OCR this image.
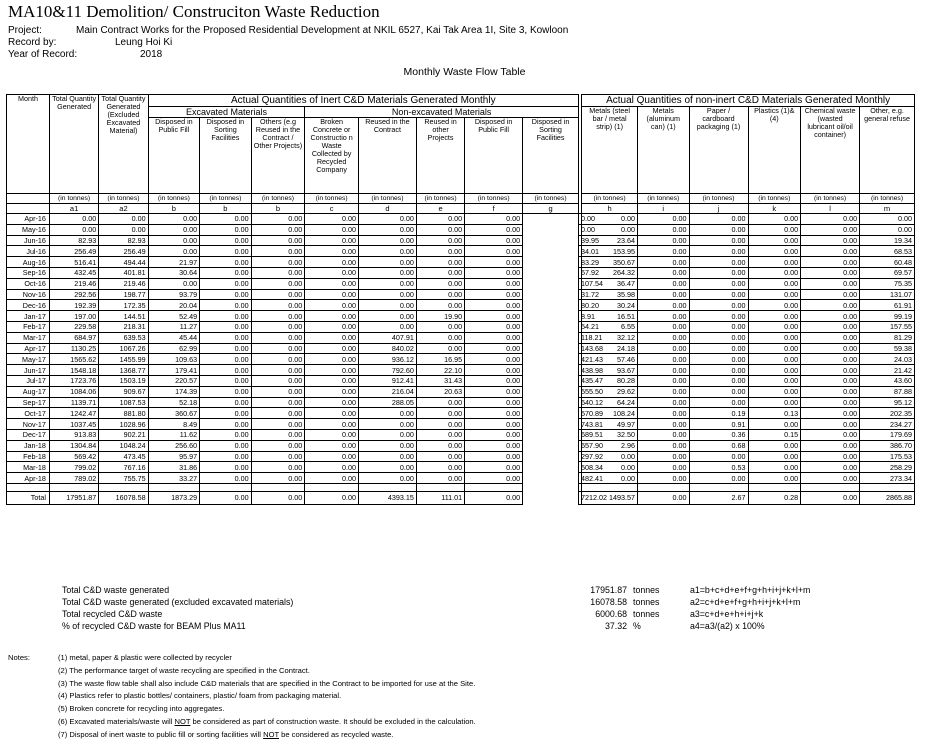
MA10&11 Demolition/ Construciton Waste Reduction
Project:	Main Contract Works for the Proposed Residential Development at NKIL 6527, Kai Tak Area 1I, Site 3, Kowloon
Record by:	Leung Hoi Ki
Year of Record:	2018
Monthly Waste Flow Table
Month	Total Quantity Generated	Total Quantity Generated (Excluded Excavated Material)	Actual Quantities of Inert C&D Materials Generated Monthly									Actual Quantities of non-inert C&D Materials Generated Monthly					
			Excavated Materials			Non-excavated Materials						Metals (steel bar / metal strip) (1)	Metals (aluminum can) (1)	Paper / cardboard packaging (1)	Plastics (1)&(4)	Chemical waste (wasted lubricant oil/oil container)	Other, e.g. general refuse
			Disposed in Public Fill	Disposed in Sorting Facilities	Others (e.g Reused in the Contract / Other Projects)	Broken Concrete or Constructio n Waste Collected by Recycled Company	Reused in the Contract	Reused in other Projects	Disposed in Public Fill	Disposed in Sorting Facilities							
	(in tonnes)	(in tonnes)	(in tonnes)	(in tonnes)	(in tonnes)	(in tonnes)	(in tonnes)	(in tonnes)	(in tonnes)	(in tonnes)		(in tonnes)	(in tonnes)	(in tonnes)	(in tonnes)	(in tonnes)	(in tonnes)
	a1	a2	b	b	b	c	d	e	f	g		h	i	j	k	l	m
Apr-16	0.00	0.00	0.00	0.00	0.00	0.00	0.00	0.00	0.00		0.00	0.00	0.00	0.00	0.00	0.00	0.00
May-16	0.00	0.00	0.00	0.00	0.00	0.00	0.00	0.00	0.00		0.00	0.00	0.00	0.00	0.00	0.00	0.00
Jun-16	82.93	82.93	0.00	0.00	0.00	0.00	0.00	0.00	0.00		39.95	23.64	0.00	0.00	0.00	0.00	19.34
Jul-16	256.49	256.49	0.00	0.00	0.00	0.00	0.00	0.00	0.00		34.01	153.95	0.00	0.00	0.00	0.00	68.53
Aug-16	516.41	494.44	21.97	0.00	0.00	0.00	0.00	0.00	0.00		83.29	350.67	0.00	0.00	0.00	0.00	60.48
Sep-16	432.45	401.81	30.64	0.00	0.00	0.00	0.00	0.00	0.00		67.92	264.32	0.00	0.00	0.00	0.00	69.57
Oct-16	219.46	219.46	0.00	0.00	0.00	0.00	0.00	0.00	0.00		107.54	36.47	0.00	0.00	0.00	0.00	75.35
Nov-16	292.56	198.77	93.79	0.00	0.00	0.00	0.00	0.00	0.00		31.72	35.98	0.00	0.00	0.00	0.00	131.07
Dec-16	192.39	172.35	20.04	0.00	0.00	0.00	0.00	0.00	0.00		80.20	30.24	0.00	0.00	0.00	0.00	61.91
Jan-17	197.00	144.51	52.49	0.00	0.00	0.00	0.00	19.90	0.00		8.91	16.51	0.00	0.00	0.00	0.00	99.19
Feb-17	229.58	218.31	11.27	0.00	0.00	0.00	0.00	0.00	0.00		54.21	6.55	0.00	0.00	0.00	0.00	157.55
Mar-17	684.97	639.53	45.44	0.00	0.00	0.00	407.91	0.00	0.00		118.21	32.12	0.00	0.00	0.00	0.00	81.29
Apr-17	1130.25	1067.26	62.99	0.00	0.00	0.00	840.02	0.00	0.00		143.68	24.18	0.00	0.00	0.00	0.00	59.38
May-17	1565.62	1455.99	109.63	0.00	0.00	0.00	936.12	16.95	0.00		421.43	57.46	0.00	0.00	0.00	0.00	24.03
Jun-17	1548.18	1368.77	179.41	0.00	0.00	0.00	792.60	22.10	0.00		438.98	93.67	0.00	0.00	0.00	0.00	21.42
Jul-17	1723.76	1503.19	220.57	0.00	0.00	0.00	912.41	31.43	0.00		435.47	80.28	0.00	0.00	0.00	0.00	43.60
Aug-17	1084.06	909.67	174.39	0.00	0.00	0.00	216.04	20.63	0.00		555.50	29.62	0.00	0.00	0.00	0.00	87.88
Sep-17	1139.71	1087.53	52.18	0.00	0.00	0.00	288.05	0.00	0.00		640.12	64.24	0.00	0.00	0.00	0.00	95.12
Oct-17	1242.47	881.80	360.67	0.00	0.00	0.00	0.00	0.00	0.00		570.89	108.24	0.00	0.19	0.13	0.00	202.35
Nov-17	1037.45	1028.96	8.49	0.00	0.00	0.00	0.00	0.00	0.00		743.81	49.97	0.00	0.91	0.00	0.00	234.27
Dec-17	913.83	902.21	11.62	0.00	0.00	0.00	0.00	0.00	0.00		689.51	32.50	0.00	0.36	0.15	0.00	179.69
Jan-18	1304.84	1048.24	256.60	0.00	0.00	0.00	0.00	0.00	0.00		657.90	2.96	0.00	0.68	0.00	0.00	386.70
Feb-18	569.42	473.45	95.97	0.00	0.00	0.00	0.00	0.00	0.00		297.92	0.00	0.00	0.00	0.00	0.00	175.53
Mar-18	799.02	767.16	31.86	0.00	0.00	0.00	0.00	0.00	0.00		508.34	0.00	0.00	0.53	0.00	0.00	258.29
Apr-18	789.02	755.75	33.27	0.00	0.00	0.00	0.00	0.00	0.00		482.41	0.00	0.00	0.00	0.00	0.00	273.34

Total	17951.87	16078.58	1873.29	0.00	0.00	0.00	4393.15	111.01	0.00		7212.02	1493.57	0.00	2.67	0.28	0.00	2865.88
Total C&D waste generated	17951.87 tonnes	a1=b+c+d+e+f+g+h+i+j+k+l+m
Total C&D waste generated (excluded excavated materials)	16078.58 tonnes	a2=c+d+e+f+g+h+i+j+k+l+m
Total recycled C&D waste	6000.68 tonnes	a3=c+d+e+h+i+j+k
% of recycled C&D waste for BEAM Plus MA11	37.32 %	a4=a3/(a2) x 100%
Notes:	(1) metal, paper & plastic were collected by recycler
(2) The performance target of waste recycling are specified in the Contract.
(3) The waste flow table shall also include C&D materials that are specified in the Contract to be imported for use at the Site.
(4) Plastics refer to plastic bottles/ containers, plastic/ foam from packaging material.
(5) Broken concrete for recycling into aggregates.
(6) Excavated materials/waste will NOT be considered as part of construction waste. It should be excluded in the calculation.
(7) Disposal of inert waste to public fill or sorting facilities will NOT be considered as recycled waste.
